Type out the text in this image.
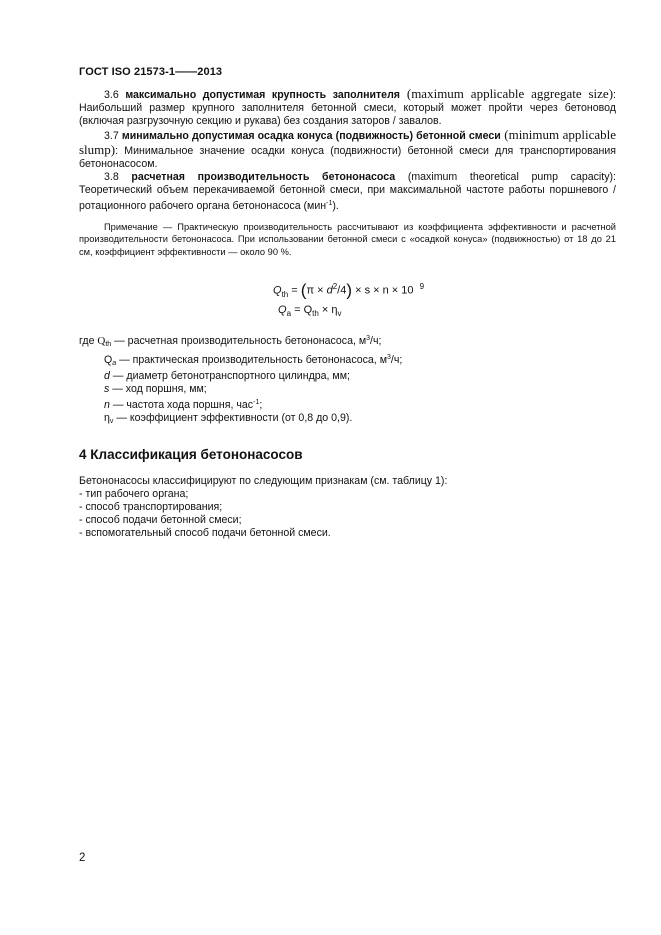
ГОСТ ISO 21573-1——2013

3.6 максимально допустимая крупность заполнителя (maximum applicable aggregate size): Наибольший размер крупного заполнителя бетонной смеси, который может пройти через бетоновод (включая разгрузочную секцию и рукава) без создания заторов / завалов.

3.7 минимально допустимая осадка конуса (подвижность) бетонной смеси (minimum applicable slump): Минимальное значение осадки конуса (подвижности) бетонной смеси для транспортирования бетононасосом.

3.8 расчетная производительность бетононасоса (maximum theoretical pump capacity): Теоретический объем перекачиваемой бетонной смеси, при максимальной частоте работы поршневого / ротационного рабочего органа бетононасоса (мин$^{-1}$).

Примечание — Практическую производительность рассчитывают из коэффициента эффективности и расчетной производительности бетононасоса. При использовании бетонной смеси с «осадкой конуса» (подвижностью) от 18 до 21 см, коэффициент эффективности — около 90 %.

$Q_{th} = (\pi \times d^2/4) \times s \times n \times 10$ $^9$
$Q_a = Q_{th} \times \eta_v$

где $Q_{th}$ — расчетная производительность бетононасоса, $м^3/ч$;

$Q_a$ — практическая производительность бетононасоса, $м^3/ч$;

d — диаметр бетонотранспортного цилиндра, мм;

s — ход поршня, мм;

n — частота хода поршня, час$^{-1}$;

$\eta_v$ — коэффициент эффективности (от 0,8 до 0,9).

4 Классификация бетононасосов

Бетононасосы классифицируют по следующим признакам (см. таблицу 1):

- тип рабочего органа;
- способ транспортирования;
- способ подачи бетонной смеси;
- вспомогательный способ подачи бетонной смеси.
2
